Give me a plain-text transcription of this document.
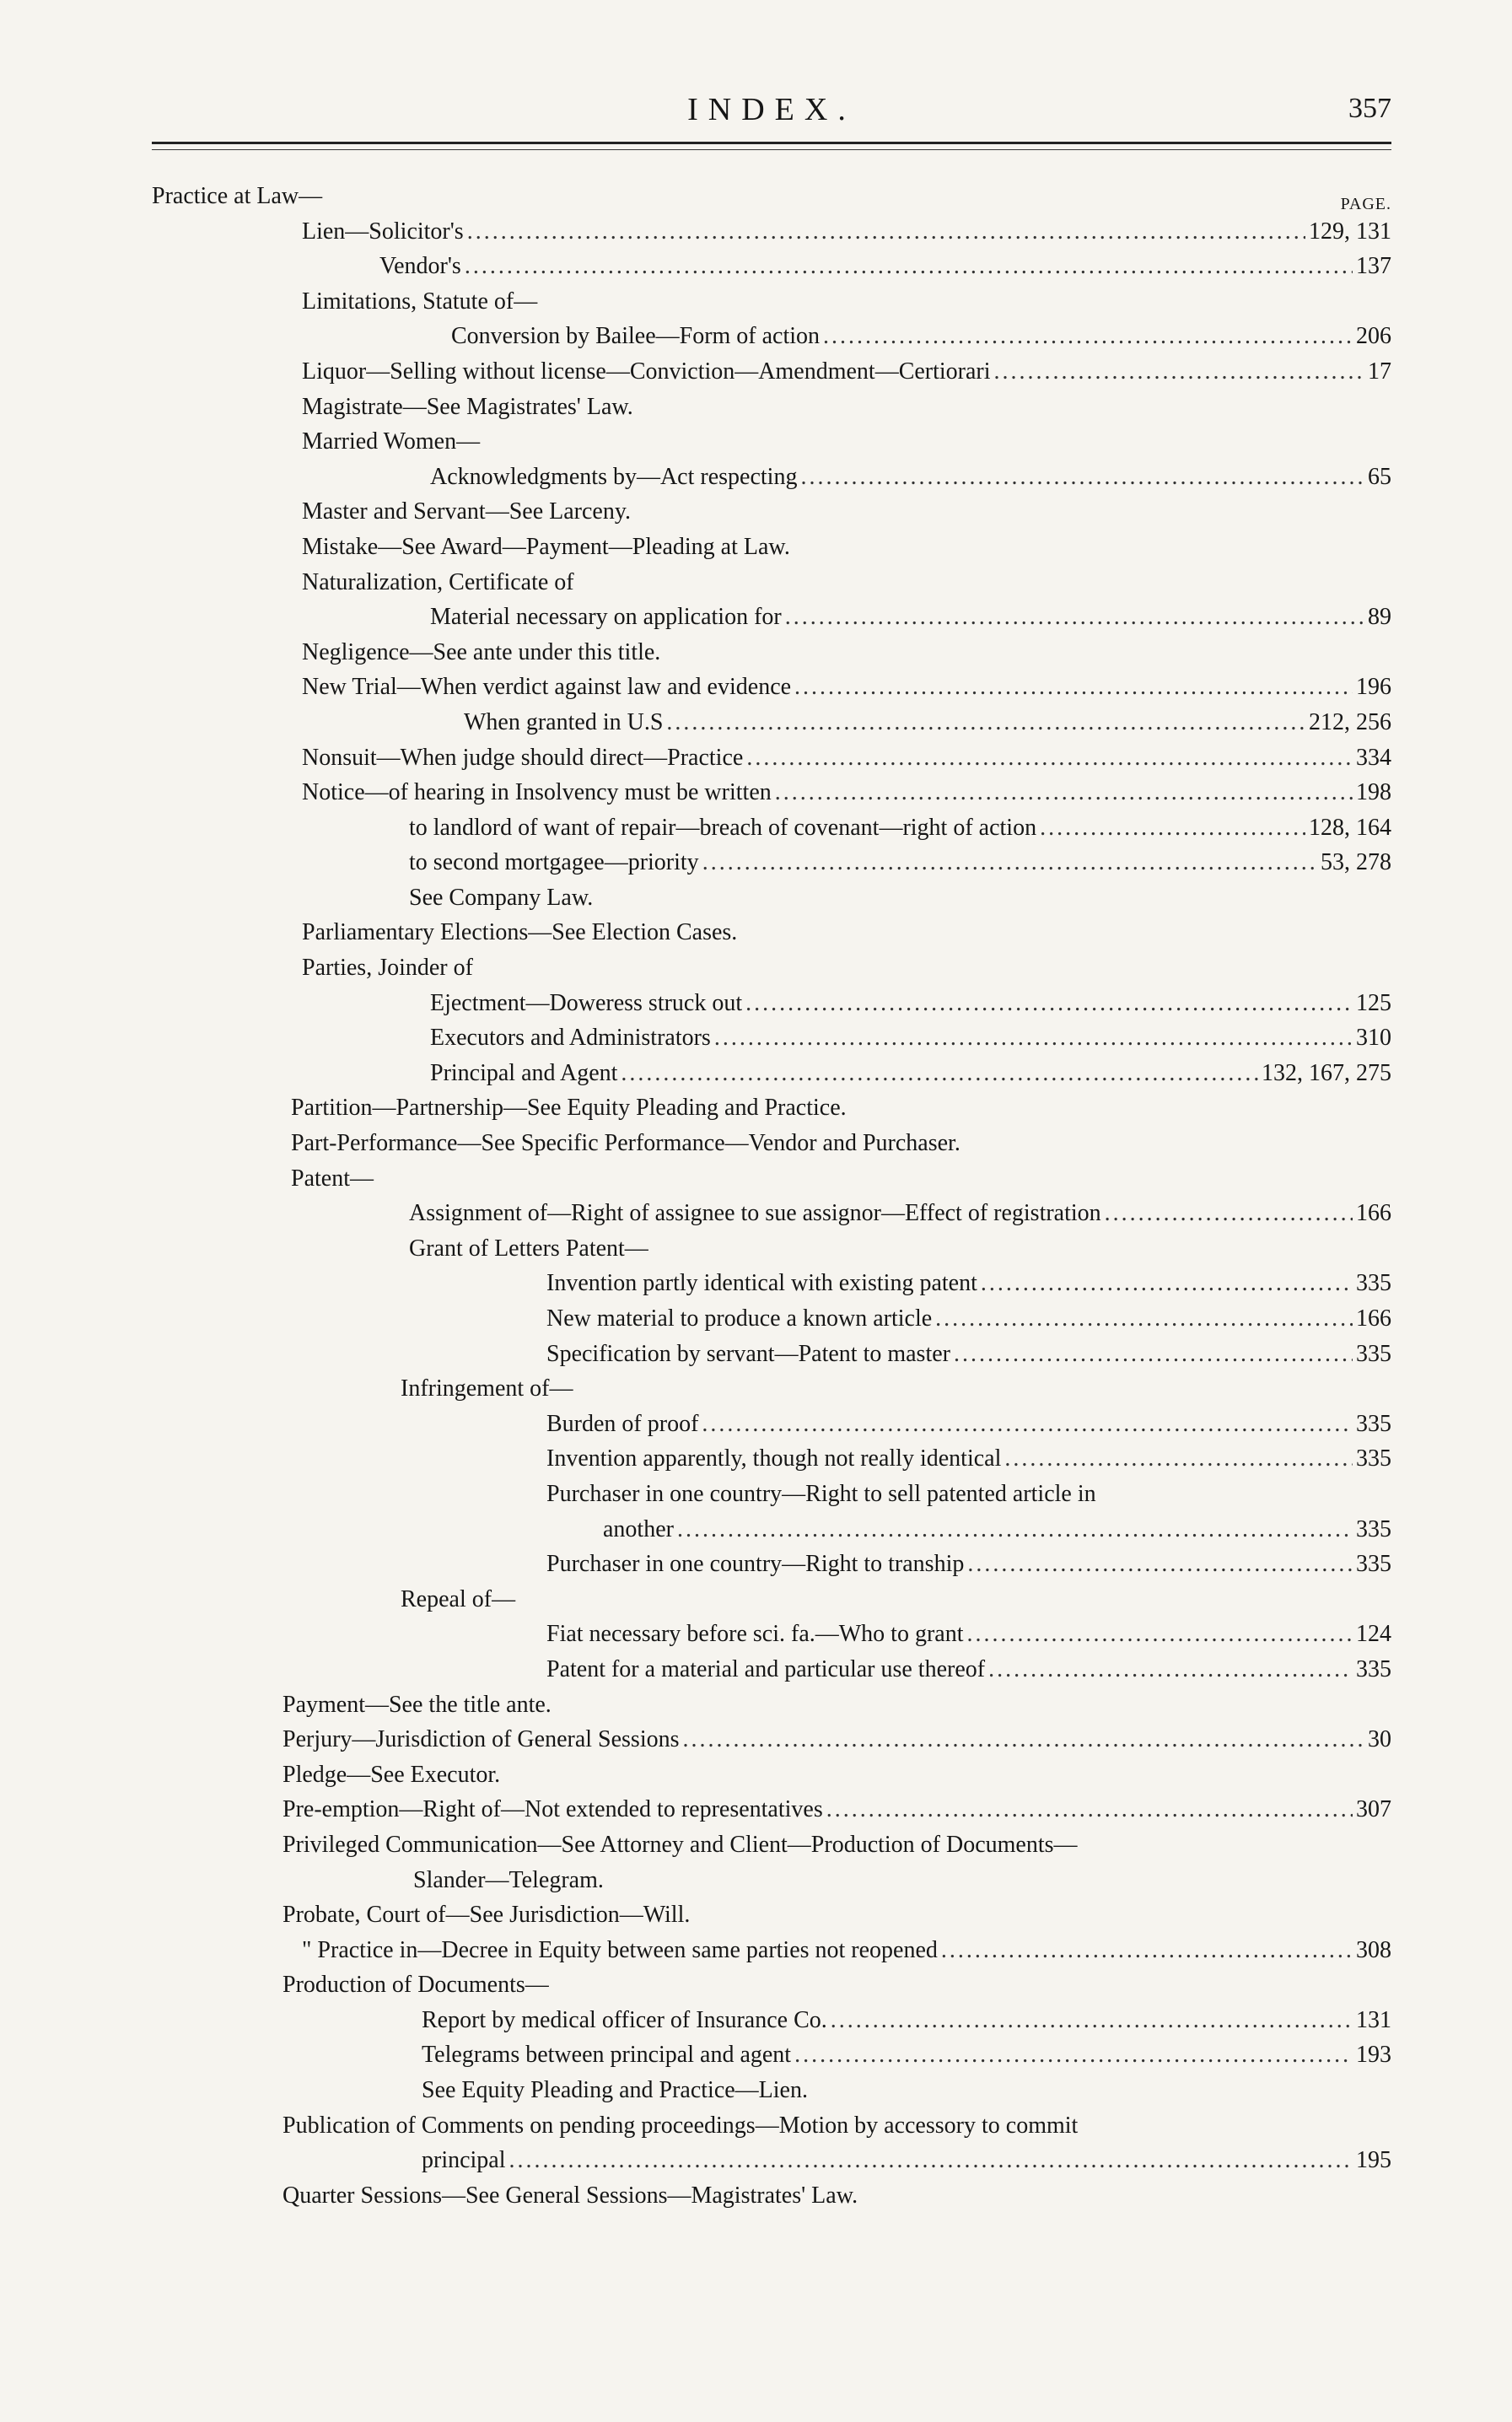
INDEX.	357
PAGE.
Practice at Law—
Lien—Solicitor's .....	129, 131
Vendor's .....	137
Limitations, Statute of—
Conversion by Bailee—Form of action .....	206
Liquor—Selling without license—Conviction—Amendment—Certiorari .....	17
Magistrate—See Magistrates' Law.
Married Women—
Acknowledgments by—Act respecting .....	65
Master and Servant—See Larceny.
Mistake—See Award—Payment—Pleading at Law.
Naturalization, Certificate of
Material necessary on application for .....	89
Negligence—See ante under this title.
New Trial—When verdict against law and evidence .....	196
When granted in U.S .....	212, 256
Nonsuit—When judge should direct—Practice .....	334
Notice—of hearing in Insolvency must be written .....	198
to landlord of want of repair—breach of covenant—right of action .....	128, 164
to second mortgagee—priority .....	53, 278
See Company Law.
Parliamentary Elections—See Election Cases.
Parties, Joinder of
Ejectment—Doweress struck out .....	125
Executors and Administrators .....	310
Principal and Agent .....	132, 167, 275
Partition—Partnership—See Equity Pleading and Practice.
Part-Performance—See Specific Performance—Vendor and Purchaser.
Patent—
Assignment of—Right of assignee to sue assignor—Effect of registration .....	166
Grant of Letters Patent—
Invention partly identical with existing patent .....	335
New material to produce a known article .....	166
Specification by servant—Patent to master .....	335
Infringement of—
Burden of proof .....	335
Invention apparently, though not really identical .....	335
Purchaser in one country—Right to sell patented article in
another .....	335
Purchaser in one country—Right to tranship .....	335
Repeal of—
Fiat necessary before sci. fa.—Who to grant .....	124
Patent for a material and particular use thereof .....	335
Payment—See the title ante.
Perjury—Jurisdiction of General Sessions .....	30
Pledge—See Executor.
Pre-emption—Right of—Not extended to representatives .....	307
Privileged Communication—See Attorney and Client—Production of Documents—
Slander—Telegram.
Probate, Court of—See Jurisdiction—Will.
" Practice in—Decree in Equity between same parties not reopened .....	308
Production of Documents—
Report by medical officer of Insurance Co. .....	131
Telegrams between principal and agent .....	193
See Equity Pleading and Practice—Lien.
Publication of Comments on pending proceedings—Motion by accessory to commit
principal .....	195
Quarter Sessions—See General Sessions—Magistrates' Law.
